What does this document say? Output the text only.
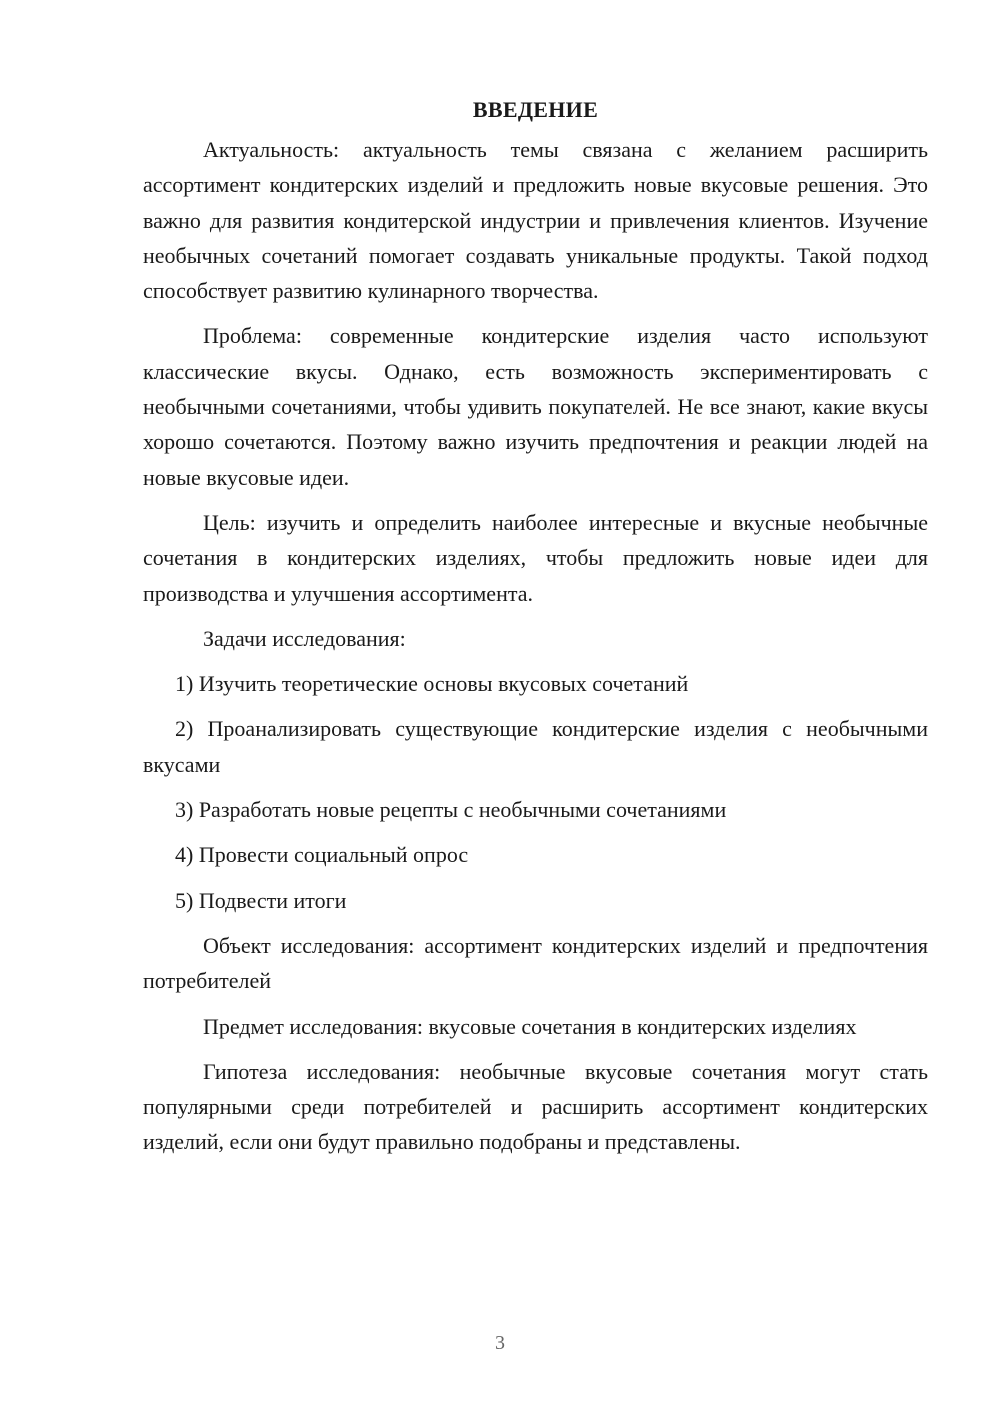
ВВЕДЕНИЕ

Актуальность: актуальность темы связана с желанием расширить ассортимент кондитерских изделий и предложить новые вкусовые решения. Это важно для развития кондитерской индустрии и привлечения клиентов. Изучение необычных сочетаний помогает создавать уникальные продукты. Такой подход способствует развитию кулинарного творчества.

Проблема: современные кондитерские изделия часто используют классические вкусы. Однако, есть возможность экспериментировать с необычными сочетаниями, чтобы удивить покупателей. Не все знают, какие вкусы хорошо сочетаются. Поэтому важно изучить предпочтения и реакции людей на новые вкусовые идеи.

Цель: изучить и определить наиболее интересные и вкусные необычные сочетания в кондитерских изделиях, чтобы предложить новые идеи для производства и улучшения ассортимента.

Задачи исследования:

1) Изучить теоретические основы вкусовых сочетаний

2) Проанализировать существующие кондитерские изделия с необычными вкусами

3) Разработать новые рецепты с необычными сочетаниями

4) Провести социальный опрос

5) Подвести итоги

Объект исследования: ассортимент кондитерских изделий и предпочтения потребителей

Предмет исследования: вкусовые сочетания в кондитерских изделиях

Гипотеза исследования: необычные вкусовые сочетания могут стать популярными среди потребителей и расширить ассортимент кондитерских изделий, если они будут правильно подобраны и представлены.

3
